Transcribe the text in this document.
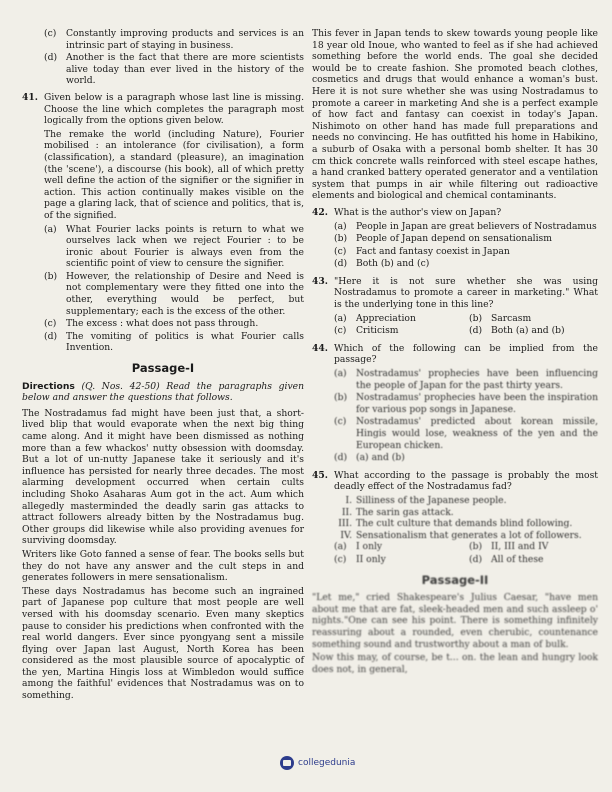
(c)	Constantly improving products and services is an intrinsic part of staying in business.
(d) Another is the fact that there are more scientists alive today than ever lived in the history of the world.
41. Given below is a paragraph whose last line is missing. Choose the line which completes the paragraph most logically from the options given below.

The remake the world (including Nature), Fourier mobilised : an intolerance (for civilisation), a form (classification), a standard (pleasure), an imagination (the 'scene'), a discourse (his book), all of which pretty well define the action of the signifier or the signifier in action. This action continually makes visible on the page a glaring lack, that of science and politics, that is, of the signified.

(a)	What Fourier lacks points is return to what we ourselves lack when we reject Fourier : to be ironic about Fourier is always even from the scientific point of view to censure the signifier.
(b) However, the relationship of Desire and Need is not complementary were they fitted one into the other, everything would be perfect, but supplementary; each is the excess of the other.
(c)	The excess : what does not pass through.
(d) The vomiting of politics is what Fourier calls Invention.
Passage-I

Directions (Q. Nos. 42-50) Read the paragraphs given below and answer the questions that follows.

The Nostradamus fad might have been just that, a short-lived blip that would evaporate when the next big thing came along. And it might have been dismissed as nothing more than a few whackos' nutty obsession with doomsday. But a lot of un-nutty Japanese take it seriously and it's influence has persisted for nearly three decades. The most alarming development occurred when certain cults including Shoko Asaharas Aum got in the act. Aum which allegedly masterminded the deadly sarin gas attacks to attract followers already bitten by the Nostradamus bug. Other groups did likewise while also providing avenues for surviving doomsday.

Writers like Goto fanned a sense of fear. The books sells but they do not have any answer and the cult steps in and generates followers in mere sensationalism.

These days Nostradamus has become such an ingrained part of Japanese pop culture that most people are well versed with his doomsday scenario. Even many skeptics pause to consider his predictions when confronted with the real world dangers. Ever since pyongyang sent a missile flying over Japan last August, North Korea has been considered as the most plausible source of apocalyptic of the yen, Martina Hingis loss at Wimbledon would suffice among the faithful' evidences that Nostradamus was on to something.

This fever in Japan tends to skew towards young people like 18 year old Inoue, who wanted to feel as if she had achieved something before the world ends. The goal she decided would be to create fashion. She promoted beach clothes, cosmetics and drugs that would enhance a woman's bust. Here it is not sure whether she was using Nostradamus to promote a career in marketing And she is a perfect example of how fact and fantasy can coexist in today's Japan. Nishimoto on other hand has made full preparations and needs no convincing. He has outfitted his home in Habikino, a suburb of Osaka with a personal bomb shelter. It has 30 cm thick concrete walls reinforced with steel escape hathes, a hand cranked battery operated generator and a ventilation system that pumps in air while filtering out radioactive elements and biological and chemical contaminants.

42. What is the author's view on Japan?

(a)	People in Japan are great believers of Nostradamus
(b) People of Japan depend on sensationalism
(c)	Fact and fantasy coexist in Japan
(d) Both (b) and (c)
43. "Here it is not sure whether she was using Nostradamus to promote a career in marketing." What is the underlying tone in this line?

(a)	Appreciation	(b) Sarcasm
(c)	Criticism	(d) Both (a) and (b)
44. Which of the following can be implied from the passage?

(a)	Nostradamus' prophecies have been influencing the people of Japan for the past thirty years.
(b) Nostradamus' prophecies have been the inspiration for various pop songs in Japanese.
(c)	Nostradamus' predicted about korean missile, Hingis would lose, weakness of the yen and the European chicken.
(d) (a) and (b)
45. What according to the passage is probably the most deadly effect of the Nostradamus fad?

I. Silliness of the Japanese people.
II. The sarin gas attack.
III. The cult culture that demands blind following.
IV. Sensationalism that generates a lot of followers.
(a)	I only	(b) II, III and IV
(c)	II only	(d) All of these
Passage-II

"Let me," cried Shakespeare's Julius Caesar, "have men about me that are fat, sleek-headed men and such assleep o' nights."One can see his point. There is something infinitely reassuring about a rounded, even cherubic, countenance something sound and trustworthy about a man of bulk.

Now this may, of course, be t... on. the lean and hungry look does not, in general,

collegedunia
